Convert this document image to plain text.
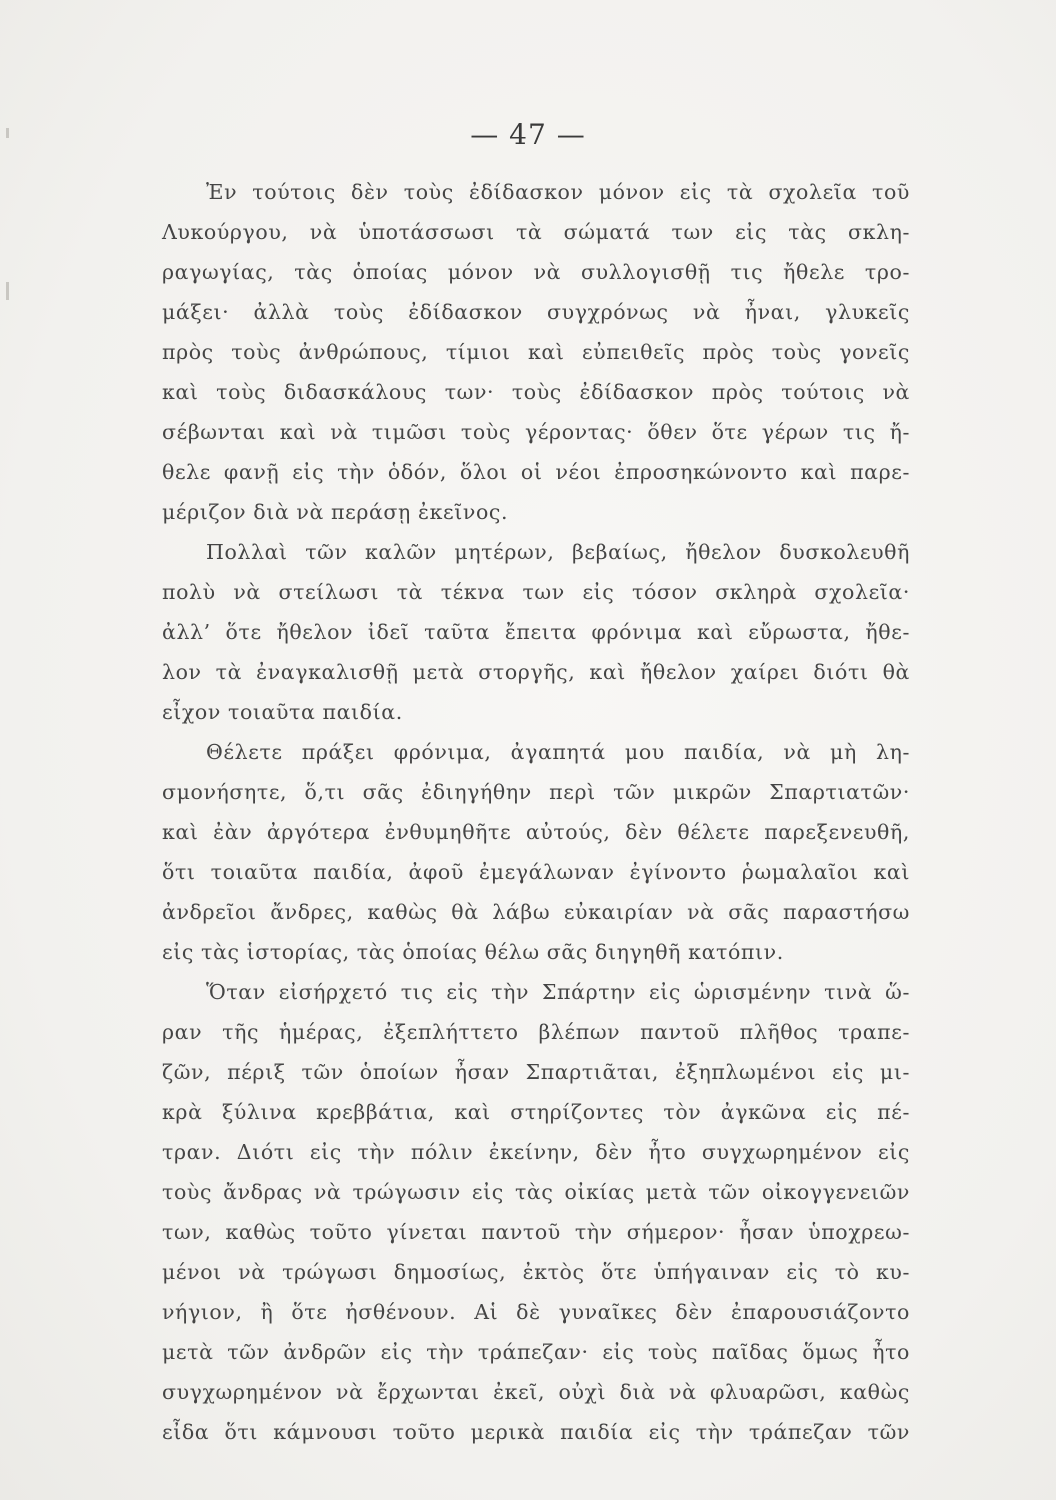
— 47 —
Ἐν τούτοις δὲν τοὺς ἐδίδασκον μόνον εἰς τὰ σχολεῖα τοῦ
Λυκούργου, νὰ ὑποτάσσωσι τὰ σώματά των εἰς τὰς σκλη-
ραγωγίας, τὰς ὁποίας μόνον νὰ συλλογισθῇ τις ἤθελε τρο-
μάξει· ἀλλὰ τοὺς ἐδίδασκον συγχρόνως νὰ ἦναι, γλυκεῖς
πρὸς τοὺς ἀνθρώπους, τίμιοι καὶ εὐπειθεῖς πρὸς τοὺς γονεῖς
καὶ τοὺς διδασκάλους των· τοὺς ἐδίδασκον πρὸς τούτοις νὰ
σέβωνται καὶ νὰ τιμῶσι τοὺς γέροντας· ὅθεν ὅτε γέρων τις ἤ-
θελε φανῇ εἰς τὴν ὁδόν, ὅλοι οἱ νέοι ἐπροσηκώνοντο καὶ παρε-
μέριζον διὰ νὰ περάσῃ ἐκεῖνος.
Πολλαὶ τῶν καλῶν μητέρων, βεβαίως, ἤθελον δυσκολευθῆ
πολὺ νὰ στείλωσι τὰ τέκνα των εἰς τόσον σκληρὰ σχολεῖα·
ἀλλ’ ὅτε ἤθελον ἰδεῖ ταῦτα ἔπειτα φρόνιμα καὶ εὔρωστα, ἤθε-
λον τὰ ἐναγκαλισθῇ μετὰ στοργῆς, καὶ ἤθελον χαίρει διότι θὰ
εἶχον τοιαῦτα παιδία.
Θέλετε πράξει φρόνιμα, ἀγαπητά μου παιδία, νὰ μὴ λη-
σμονήσητε, ὅ,τι σᾶς ἐδιηγήθην περὶ τῶν μικρῶν Σπαρτιατῶν·
καὶ ἐὰν ἀργότερα ἐνθυμηθῆτε αὐτούς, δὲν θέλετε παρεξενευθῆ,
ὅτι τοιαῦτα παιδία, ἀφοῦ ἐμεγάλωναν ἐγίνοντο ῥωμαλαῖοι καὶ
ἀνδρεῖοι ἄνδρες, καθὼς θὰ λάβω εὐκαιρίαν νὰ σᾶς παραστήσω
εἰς τὰς ἱστορίας, τὰς ὁποίας θέλω σᾶς διηγηθῆ κατόπιν.
Ὅταν εἰσήρχετό τις εἰς τὴν Σπάρτην εἰς ὡρισμένην τινὰ ὥ-
ραν τῆς ἡμέρας, ἐξεπλήττετο βλέπων παντοῦ πλῆθος τραπε-
ζῶν, πέριξ τῶν ὁποίων ἦσαν Σπαρτιᾶται, ἐξηπλωμένοι εἰς μι-
κρὰ ξύλινα κρεββάτια, καὶ στηρίζοντες τὸν ἀγκῶνα εἰς πέ-
τραν. Διότι εἰς τὴν πόλιν ἐκείνην, δὲν ἦτο συγχωρημένον εἰς
τοὺς ἄνδρας νὰ τρώγωσιν εἰς τὰς οἰκίας μετὰ τῶν οἰκογγενειῶν
των, καθὼς τοῦτο γίνεται παντοῦ τὴν σήμερον· ἦσαν ὑποχρεω-
μένοι νὰ τρώγωσι δημοσίως, ἐκτὸς ὅτε ὑπήγαιναν εἰς τὸ κυ-
νήγιον, ἢ ὅτε ἠσθένουν. Αἱ δὲ γυναῖκες δὲν ἐπαρουσιάζοντο
μετὰ τῶν ἀνδρῶν εἰς τὴν τράπεζαν· εἰς τοὺς παῖδας ὅμως ἦτο
συγχωρημένον νὰ ἔρχωνται ἐκεῖ, οὐχὶ διὰ νὰ φλυαρῶσι, καθὼς
εἶδα ὅτι κάμνουσι τοῦτο μερικὰ παιδία εἰς τὴν τράπεζαν τῶν
